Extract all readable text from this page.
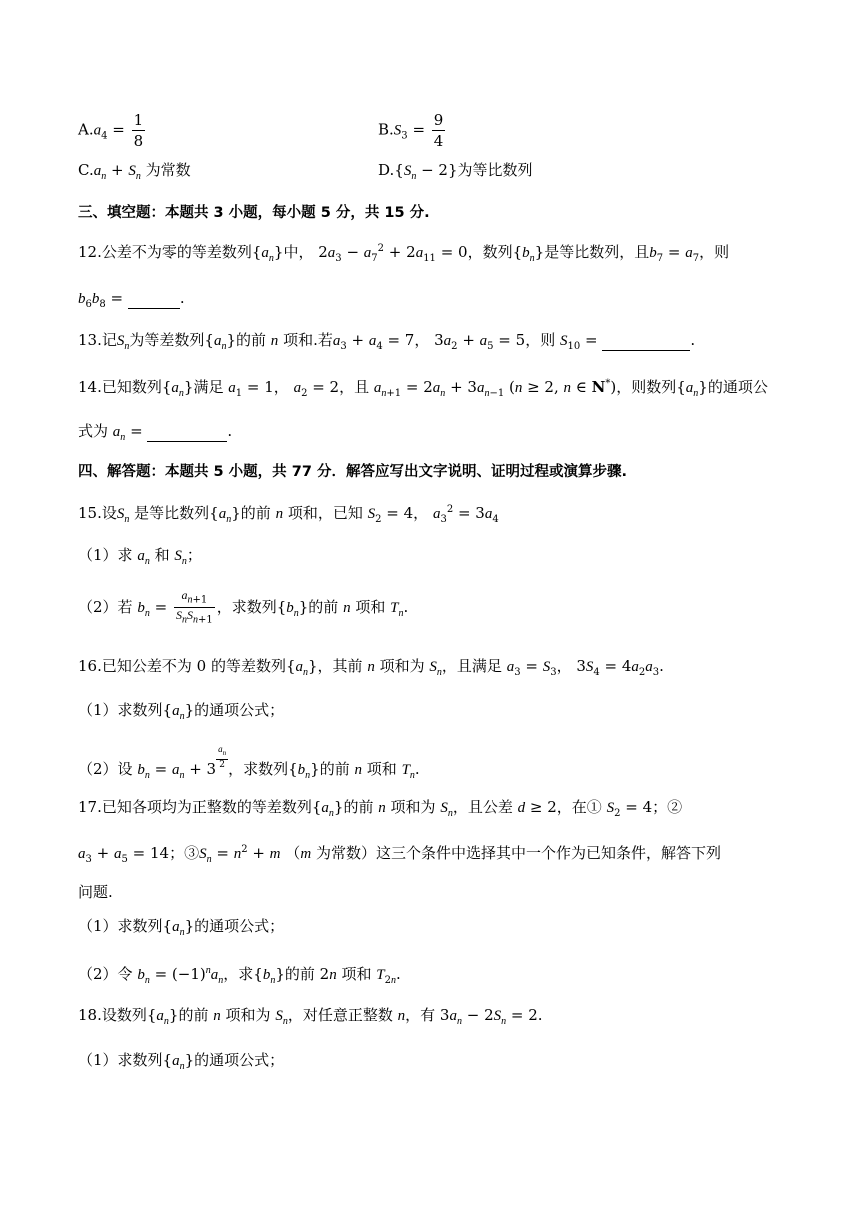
$A.a_4 = \frac{1}{8}$	$B.S_3 = \frac{9}{4}$
$C.a_n + S_n$ 为常数	$D.\{S_n - 2\}$为等比数列
三、填空题：本题共 3 小题，每小题 5 分，共 15 分.
12.公差不为零的等差数列$\{a_n\}$中， $2a_3 - a_7^2 + 2a_{11} = 0$，数列$\{b_n\}$是等比数列，且$b_7 = a_7$，则
$b_6b_8$ =	.
13.记$S_n$为等差数列$\{a_n\}$的前 n 项和.若$a_3 + a_4 = 7$， $3a_2 + a_5 = 5$，则 $S_{10}$ =	.
14.已知数列$\{a_n\}$满足 $a_1 = 1$， $a_2 = 2$，且 $a_{n+1} = 2a_n + 3a_{n-1}$ (n ≥ 2, n ∈ N*)，则数列$\{a_n\}$的通项公
式为 $a_n$ =	.
四、解答题：本题共 5 小题，共 77 分．解答应写出文字说明、证明过程或演算步骤.
15.设$S_n$ 是等比数列$\{a_n\}$的前 n 项和，已知 $S_2 = 4$， $a_3^2 = 3a_4$
（1）求 $a_n$ 和 $S_n$；
（2）若 $b_n = \frac{a_{n+1}}{S_nS_{n+1}}$ ，求数列$\{b_n\}$的前 n 项和 $T_n$.
16.已知公差不为 0 的等差数列$\{a_n\}$，其前 n 项和为 $S_n$，且满足 $a_3 = S_3$， $3S_4 = 4a_2a_3$.
（1）求数列$\{a_n\}$的通项公式；
（2）设 $b_n = a_n + 3$ $^{\frac{a_n}{2}}$ ，求数列$\{b_n\}$的前 n 项和 $T_n$.
17.已知各项均为正整数的等差数列$\{a_n\}$的前 n 项和为 $S_n$，且公差 d ≥ 2，在① $S_2 = 4$；②
$a_3 + a_5 = 14$；$③S_n = n^2 + m$ （m 为常数）这三个条件中选择其中一个作为已知条件，解答下列
问题.
（1）求数列$\{a_n\}$的通项公式；
（2）令 $b_n = (-1)^na_n$，求$\{b_n\}$的前 2n 项和 $T_{2n}$.
18.设数列$\{a_n\}$的前 n 项和为 $S_n$，对任意正整数 n，有 $3a_n - 2S_n = 2$.
（1）求数列$\{a_n\}$的通项公式；
